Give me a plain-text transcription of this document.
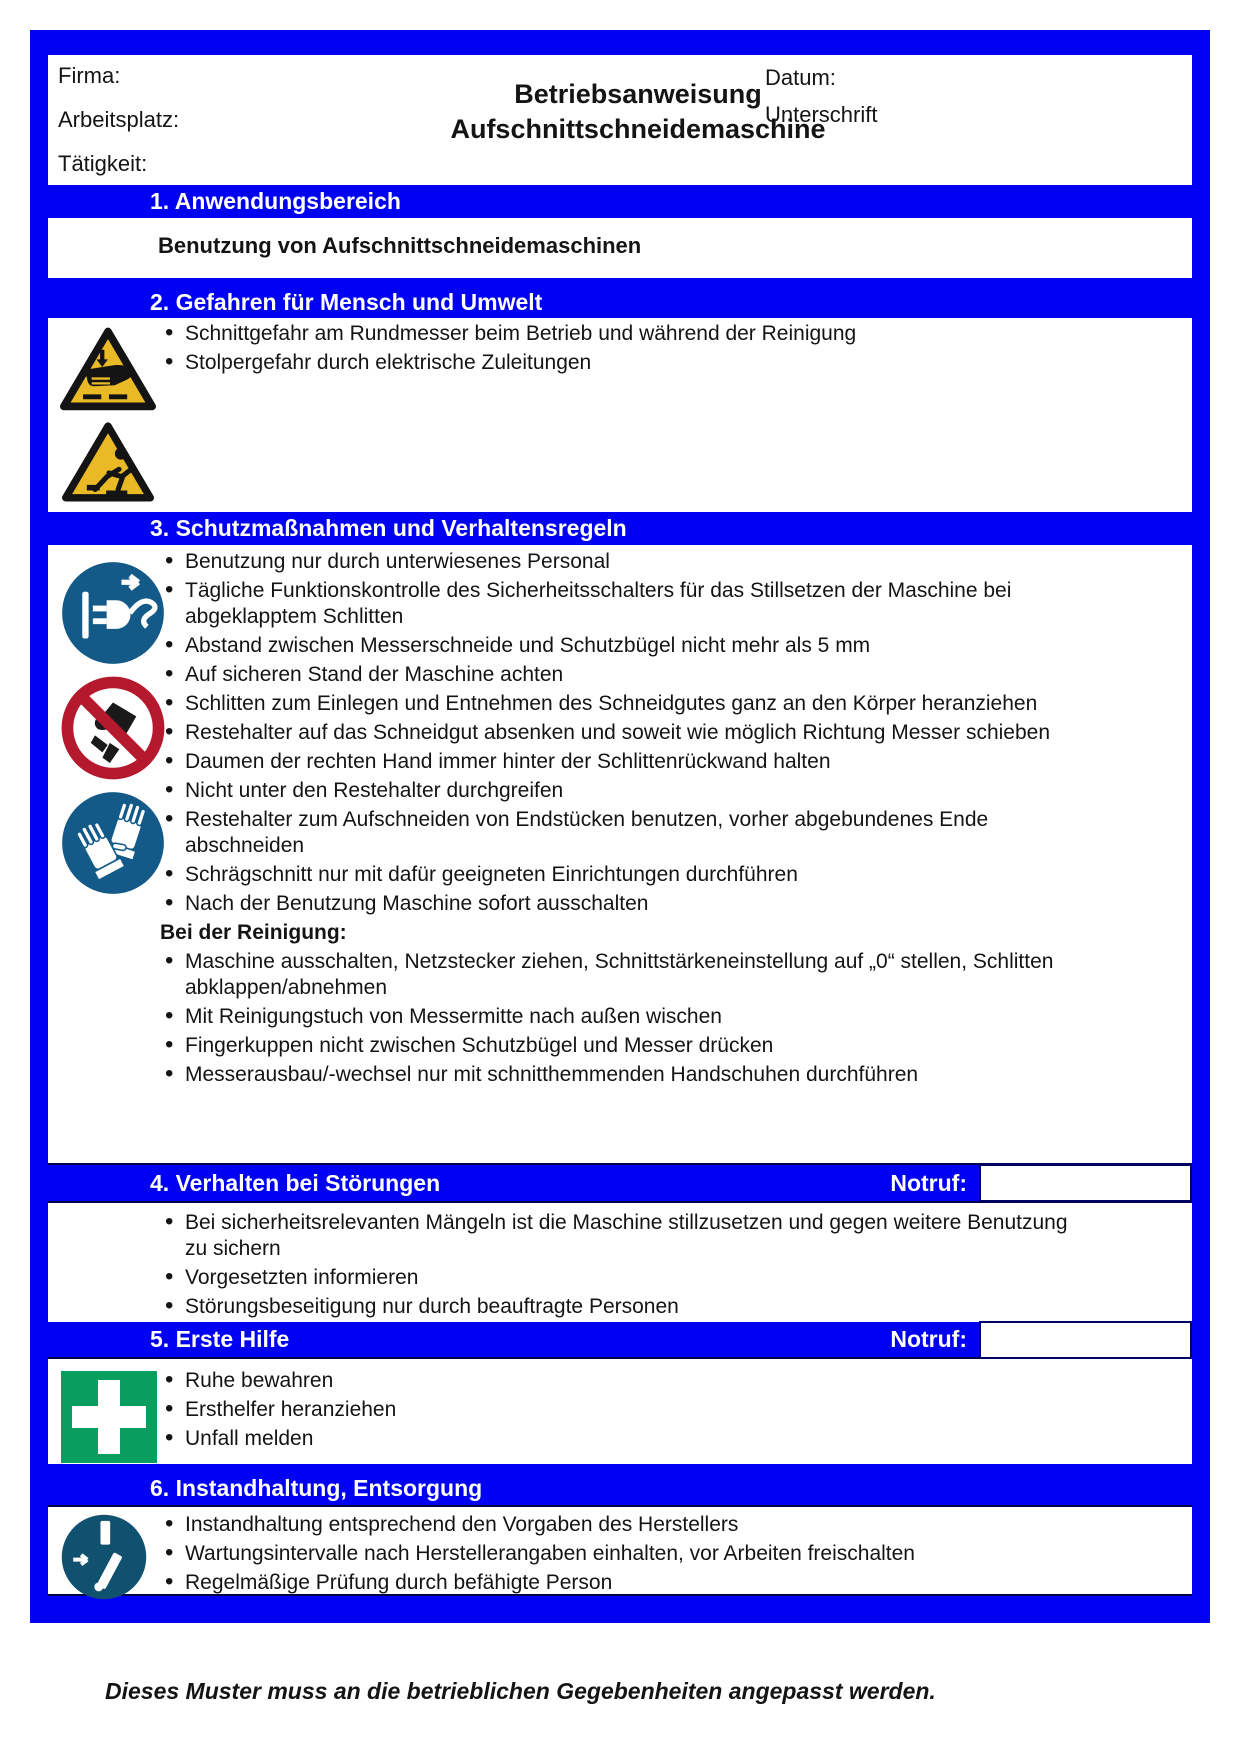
Firma:
Arbeitsplatz:
Tätigkeit:
Betriebsanweisung
Aufschnittschneidemaschine
Datum:
Unterschrift
1. Anwendungsbereich
Benutzung von Aufschnittschneidemaschinen
2. Gefahren für Mensch und Umwelt
• Schnittgefahr am Rundmesser beim Betrieb und während der Reinigung
• Stolpergefahr durch elektrische Zuleitungen
3. Schutzmaßnahmen und Verhaltensregeln
• Benutzung nur durch unterwiesenes Personal
• Tägliche Funktionskontrolle des Sicherheitsschalters für das Stillsetzen der Maschine bei abgeklapptem Schlitten
• Abstand zwischen Messerschneide und Schutzbügel nicht mehr als 5 mm
• Auf sicheren Stand der Maschine achten
• Schlitten zum Einlegen und Entnehmen des Schneidgutes ganz an den Körper heranziehen
• Restehalter auf das Schneidgut absenken und soweit wie möglich Richtung Messer schieben
• Daumen der rechten Hand immer hinter der Schlittenrückwand halten
• Nicht unter den Restehalter durchgreifen
• Restehalter zum Aufschneiden von Endstücken benutzen, vorher abgebundenes Ende abschneiden
• Schrägschnitt nur mit dafür geeigneten Einrichtungen durchführen
• Nach der Benutzung Maschine sofort ausschalten
Bei der Reinigung:
• Maschine ausschalten, Netzstecker ziehen, Schnittstärkeneinstellung auf „0“ stellen, Schlitten abklappen/abnehmen
• Mit Reinigungstuch von Messermitte nach außen wischen
• Fingerkuppen nicht zwischen Schutzbügel und Messer drücken
• Messerausbau/-wechsel nur mit schnitthemmenden Handschuhen durchführen
4. Verhalten bei Störungen	Notruf:
• Bei sicherheitsrelevanten Mängeln ist die Maschine stillzusetzen und gegen weitere Benutzung zu sichern
• Vorgesetzten informieren
• Störungsbeseitigung nur durch beauftragte Personen
5. Erste Hilfe	Notruf:
• Ruhe bewahren
• Ersthelfer heranziehen
• Unfall melden
6. Instandhaltung, Entsorgung
• Instandhaltung entsprechend den Vorgaben des Herstellers
• Wartungsintervalle nach Herstellerangaben einhalten, vor Arbeiten freischalten
• Regelmäßige Prüfung durch befähigte Person
Dieses Muster muss an die betrieblichen Gegebenheiten angepasst werden.
